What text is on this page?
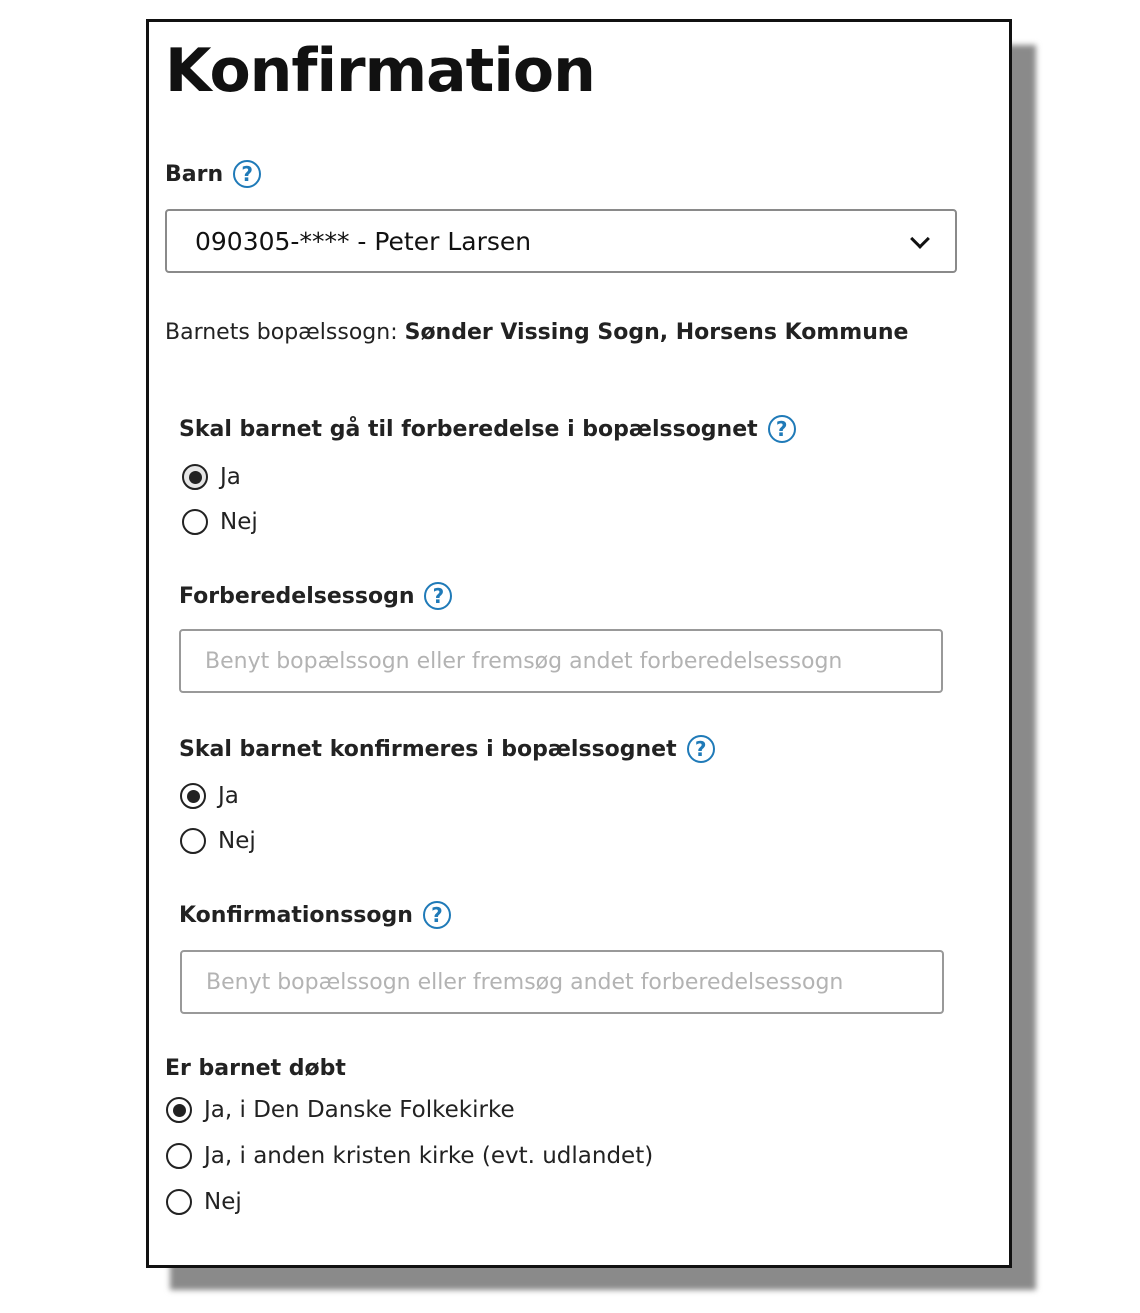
Konfirmation
Barn ?
090305-**** - Peter Larsen
Barnets bopælssogn: Sønder Vissing Sogn, Horsens Kommune
Skal barnet gå til forberedelse i bopælssognet ?
Ja
Nej
Forberedelsessogn ?
Benyt bopælssogn eller fremsøg andet forberedelsessogn
Skal barnet konfirmeres i bopælssognet ?
Ja
Nej
Konfirmationssogn ?
Benyt bopælssogn eller fremsøg andet forberedelsessogn
Er barnet døbt
Ja, i Den Danske Folkekirke
Ja, i anden kristen kirke (evt. udlandet)
Nej
